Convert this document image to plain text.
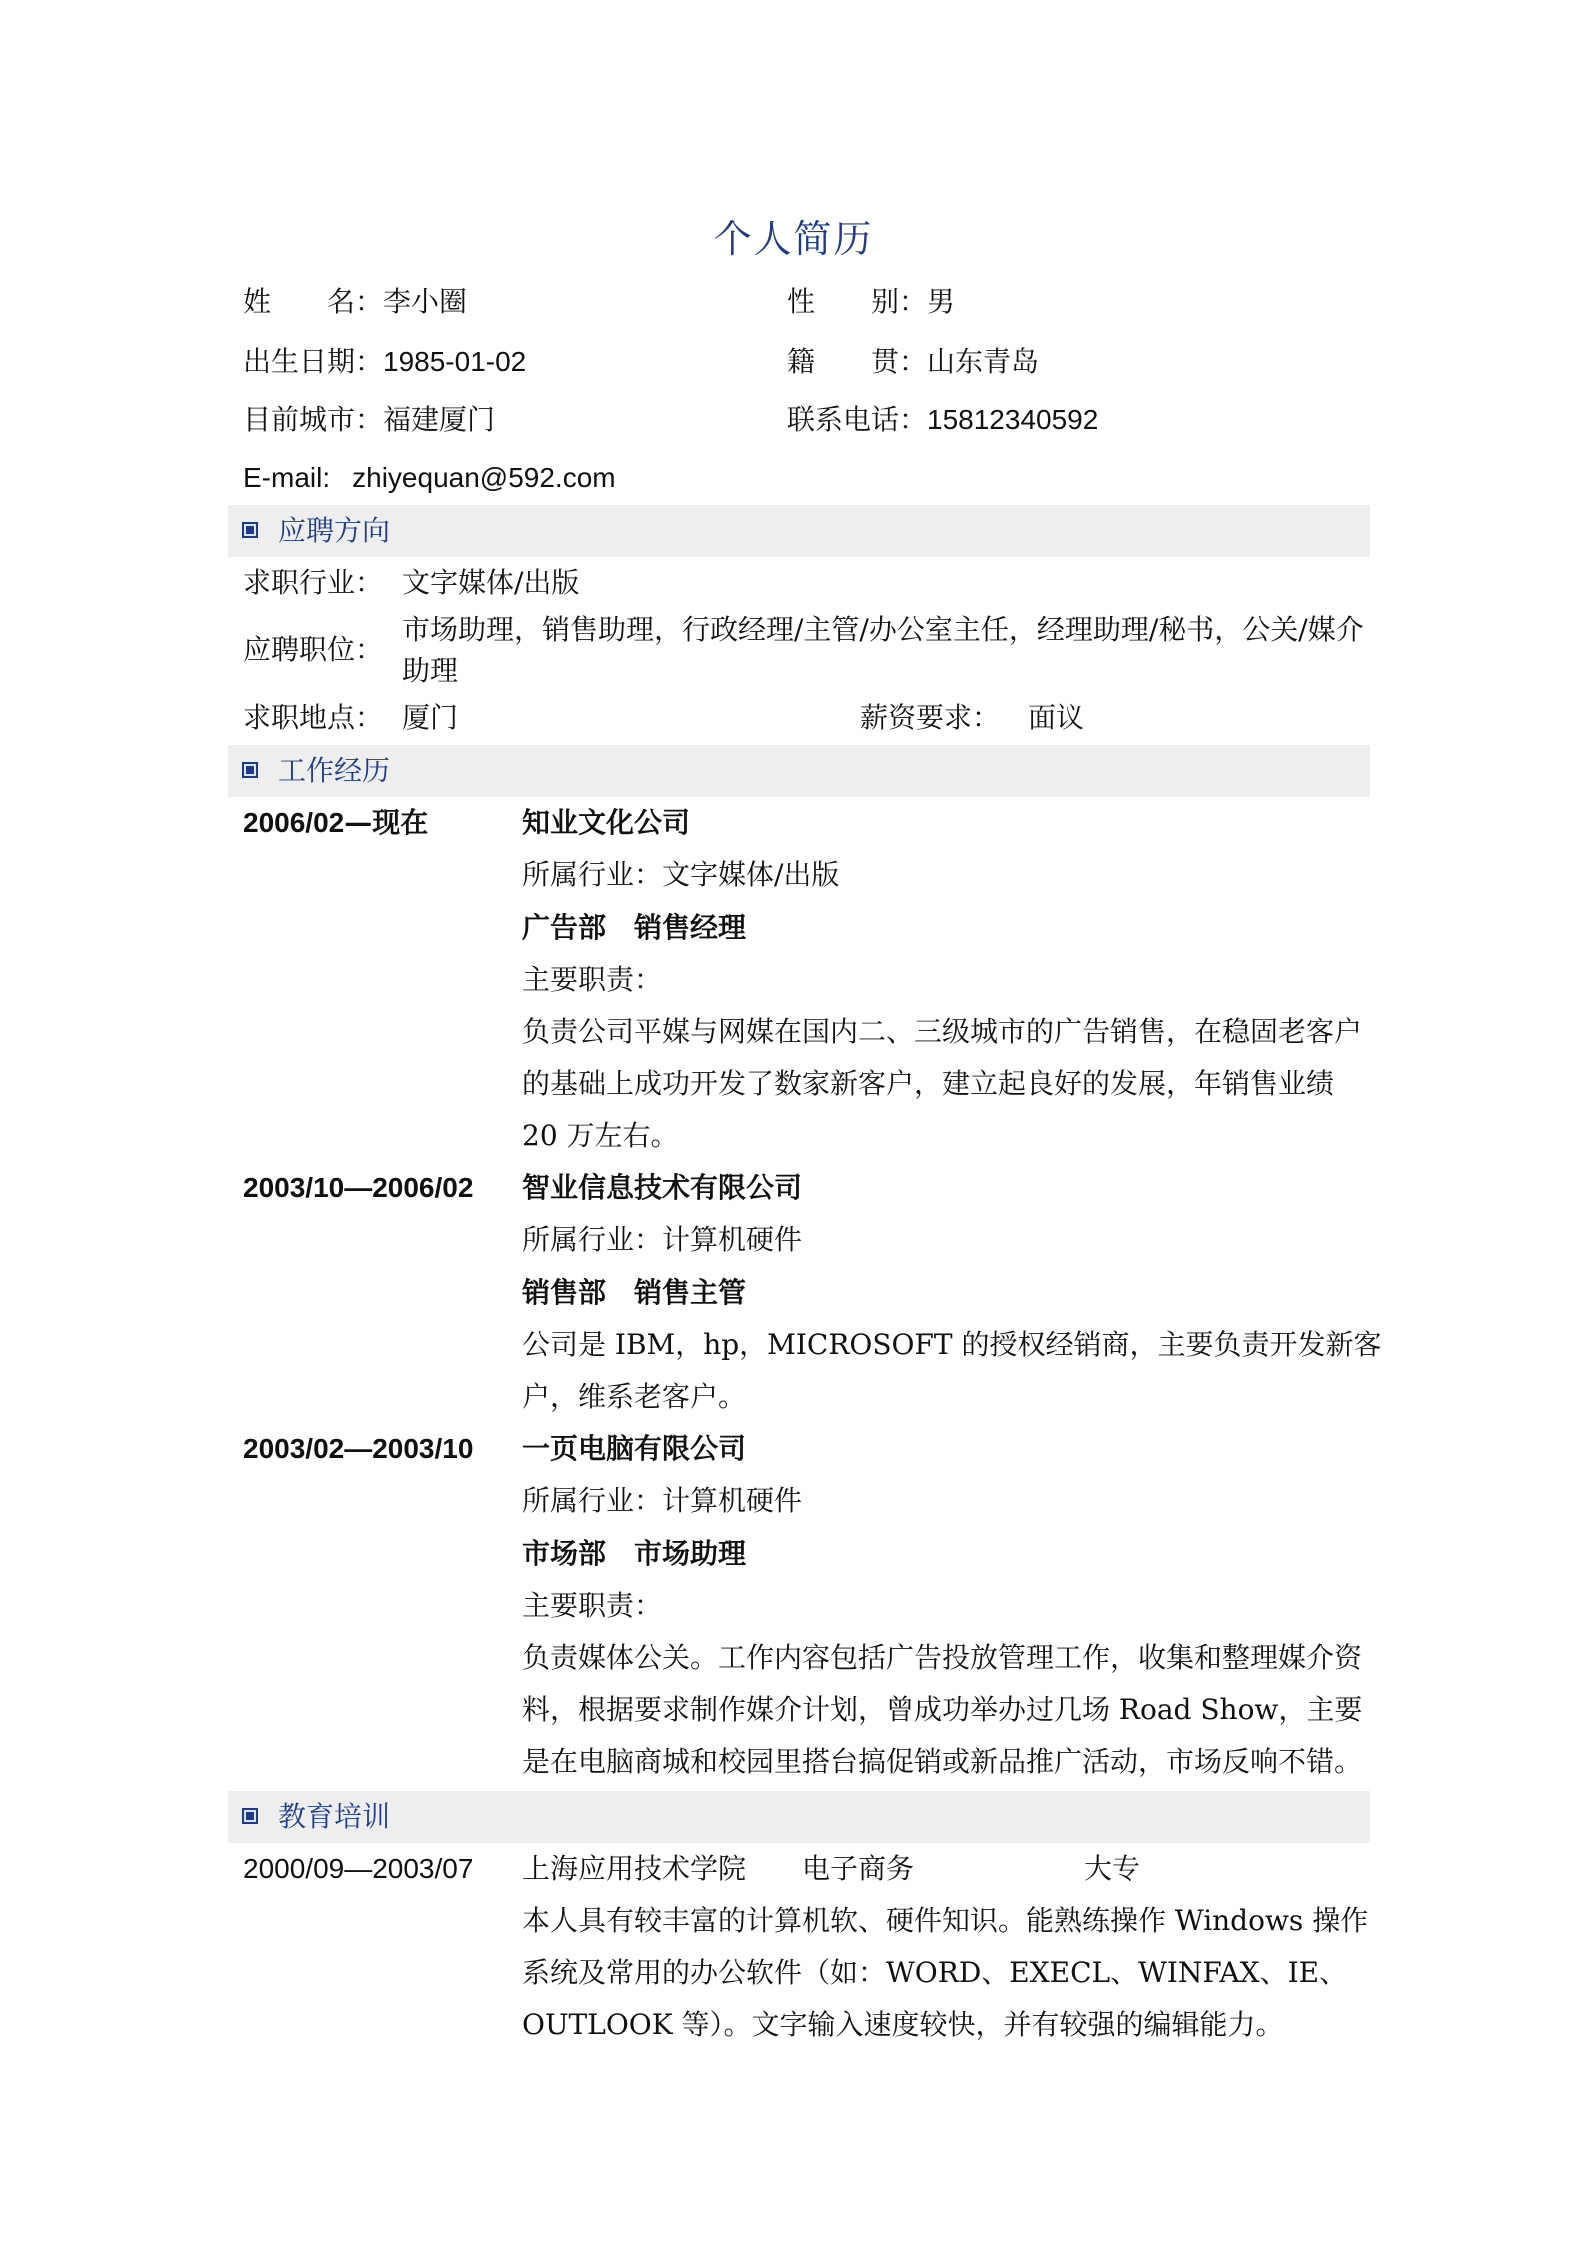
个人简历
姓　　名：李小圈	性　　别：男
出生日期：1985-01-02	籍　　贯：山东青岛
目前城市：福建厦门	联系电话：15812340592
E-mail: zhiyequan@592.com
应聘方向
求职行业： 文字媒体/出版
应聘职位：
市场助理，销售助理，行政经理/主管/办公室主任，经理助理/秘书，公关/媒介
助理
求职地点： 厦门	薪资要求： 面议
工作经历
2006/02—现在	知业文化公司
所属行业：文字媒体/出版
广告部　销售经理
主要职责：
负责公司平媒与网媒在国内二、三级城市的广告销售，在稳固老客户
的基础上成功开发了数家新客户，建立起良好的发展，年销售业绩
20 万左右。
2003/10—2006/02 智业信息技术有限公司
所属行业：计算机硬件
销售部　销售主管
公司是 IBM，hp，MICROSOFT 的授权经销商，主要负责开发新客
户，维系老客户。
2003/02—2003/10 一页电脑有限公司
所属行业：计算机硬件
市场部　市场助理
主要职责：
负责媒体公关。工作内容包括广告投放管理工作，收集和整理媒介资
料，根据要求制作媒介计划，曾成功举办过几场 Road Show，主要
是在电脑商城和校园里搭台搞促销或新品推广活动，市场反响不错。
教育培训
2000/09—2003/07 上海应用技术学院 电子商务	大专
本人具有较丰富的计算机软、硬件知识。能熟练操作 Windows 操作
系统及常用的办公软件（如：WORD、EXECL、WINFAX、IE、
OUTLOOK 等）。文字输入速度较快，并有较强的编辑能力。
